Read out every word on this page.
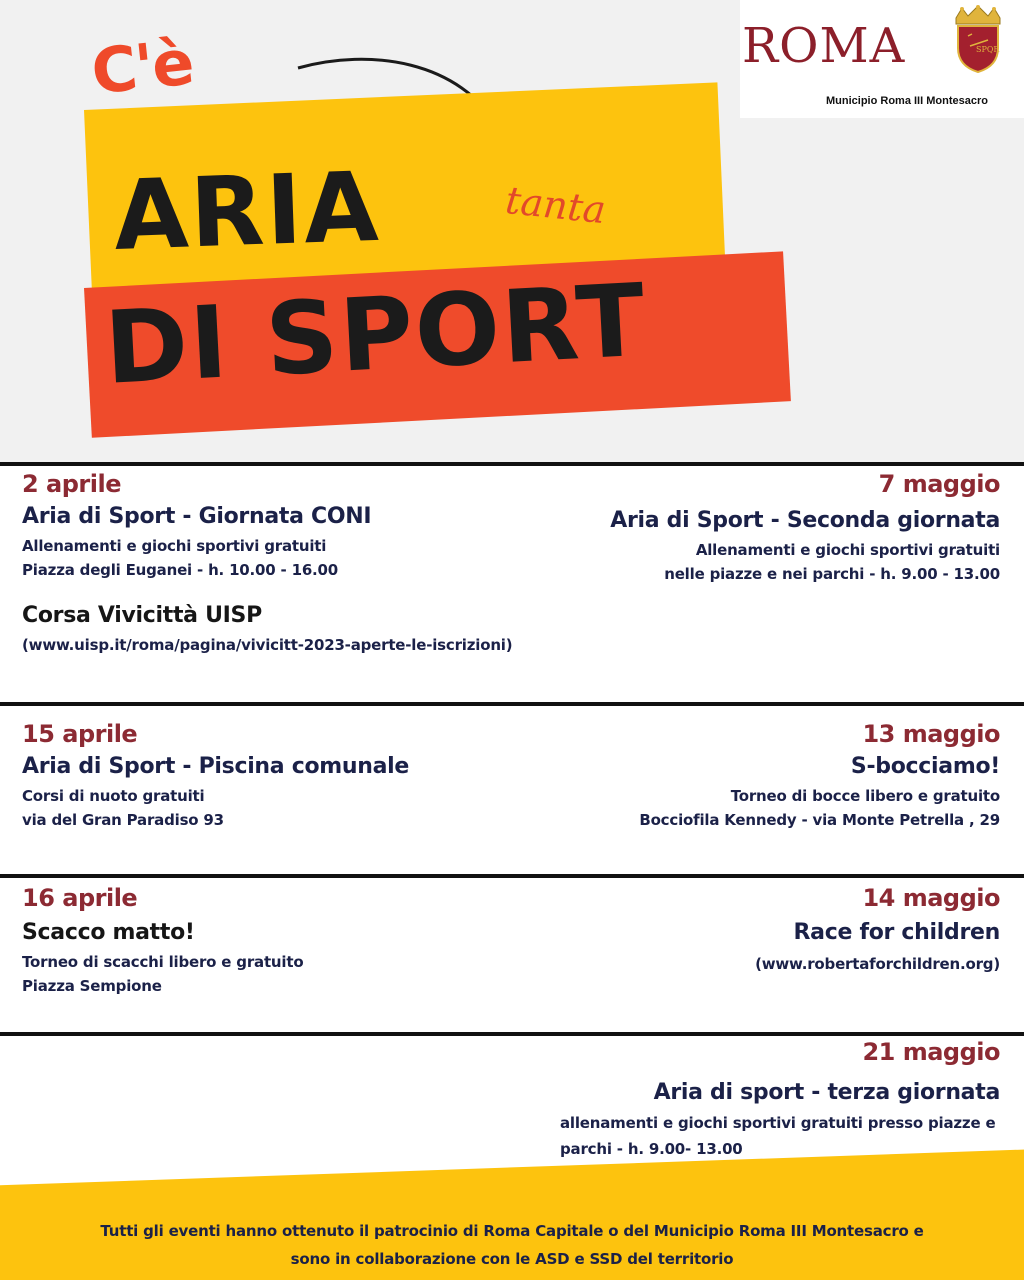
ROMA	SPQR
Municipio Roma III Montesacro
C'è
ARIA	tanta
DI SPORT
2 aprile
Aria di Sport - Giornata CONI
Allenamenti e giochi sportivi gratuiti
Piazza degli Euganei - h. 10.00 - 16.00
Corsa Vivicittà UISP
(www.uisp.it/roma/pagina/vivicitt-2023-aperte-le-iscrizioni)
7 maggio
Aria di Sport - Seconda giornata
Allenamenti e giochi sportivi gratuiti
nelle piazze e nei parchi - h. 9.00 - 13.00
15 aprile
Aria di Sport - Piscina comunale
Corsi di nuoto gratuiti
via del Gran Paradiso 93
13 maggio
S-bocciamo!
Torneo di bocce libero e gratuito
Bocciofila Kennedy - via Monte Petrella , 29
16 aprile
Scacco matto!
Torneo di scacchi libero e gratuito
Piazza Sempione
14 maggio
Race for children
(www.robertaforchildren.org)
21 maggio
Aria di sport - terza giornata
allenamenti e giochi sportivi gratuiti presso piazze e
parchi - h. 9.00- 13.00
Tutti gli eventi hanno ottenuto il patrocinio di Roma Capitale o del Municipio Roma III Montesacro e
sono in collaborazione con le ASD e SSD del territorio
